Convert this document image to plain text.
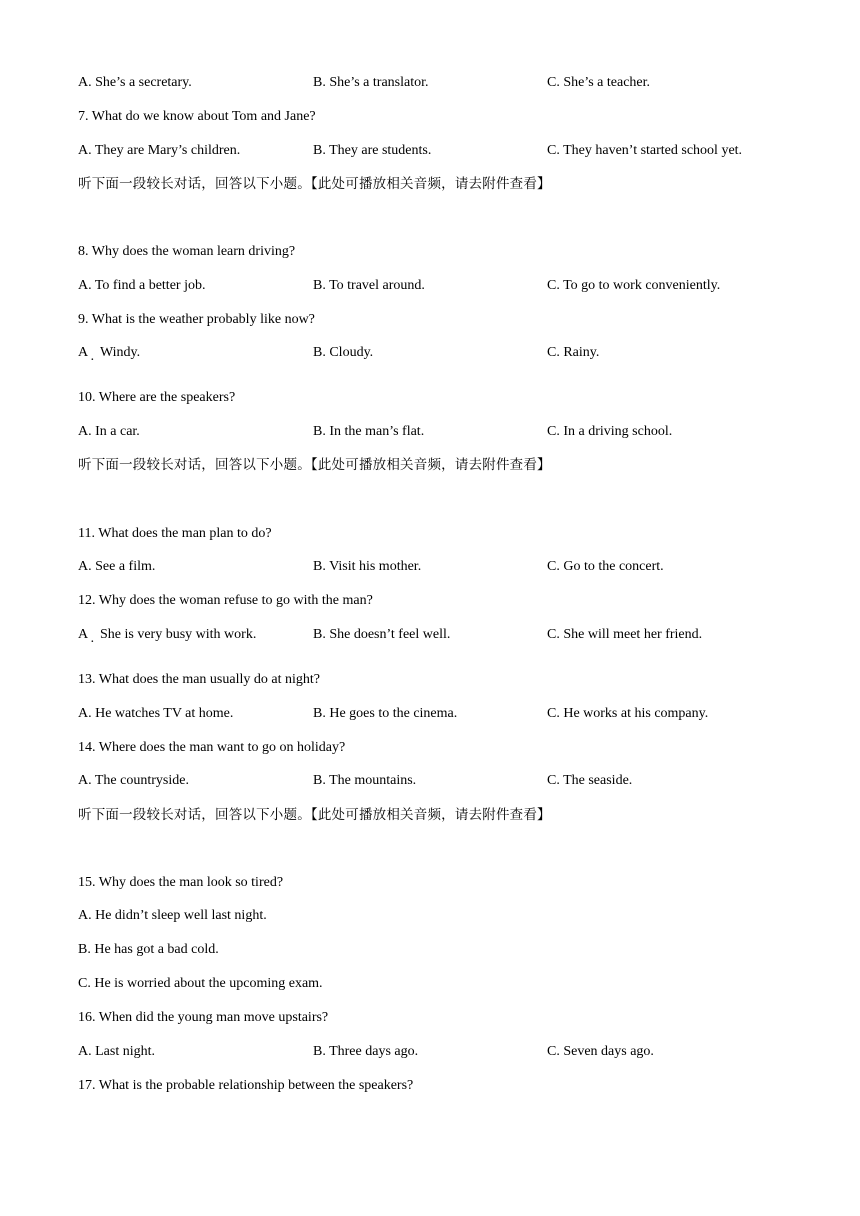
A. She’s a secretary.	B. She’s a translator.	C. She’s a teacher.
7. What do we know about Tom and Jane?
A. They are Mary’s children.	B. They are students.	C. They haven’t started school yet.
听下面一段较长对话，回答以下小题。【此处可播放相关音频，请去附件查看】
8. Why does the woman learn driving?
A. To find a better job.	B. To travel around.	C. To go to work conveniently.
9. What is the weather probably like now?
A
·
Windy.	B. Cloudy.	C. Rainy.
10. Where are the speakers?
A. In a car.	B. In the man’s flat.	C. In a driving school.
听下面一段较长对话，回答以下小题。【此处可播放相关音频，请去附件查看】
11. What does the man plan to do?
A. See a film.	B. Visit his mother.	C. Go to the concert.
12. Why does the woman refuse to go with the man?
A
·
She is very busy with work.	B. She doesn’t feel well.	C. She will meet her friend.
13. What does the man usually do at night?
A. He watches TV at home.	B. He goes to the cinema.	C. He works at his company.
14. Where does the man want to go on holiday?
A. The countryside.	B. The mountains.	C. The seaside.
听下面一段较长对话，回答以下小题。【此处可播放相关音频，请去附件查看】
15. Why does the man look so tired?
A. He didn’t sleep well last night.
B. He has got a bad cold.
C. He is worried about the upcoming exam.
16. When did the young man move upstairs?
A. Last night.	B. Three days ago.	C. Seven days ago.
17. What is the probable relationship between the speakers?
